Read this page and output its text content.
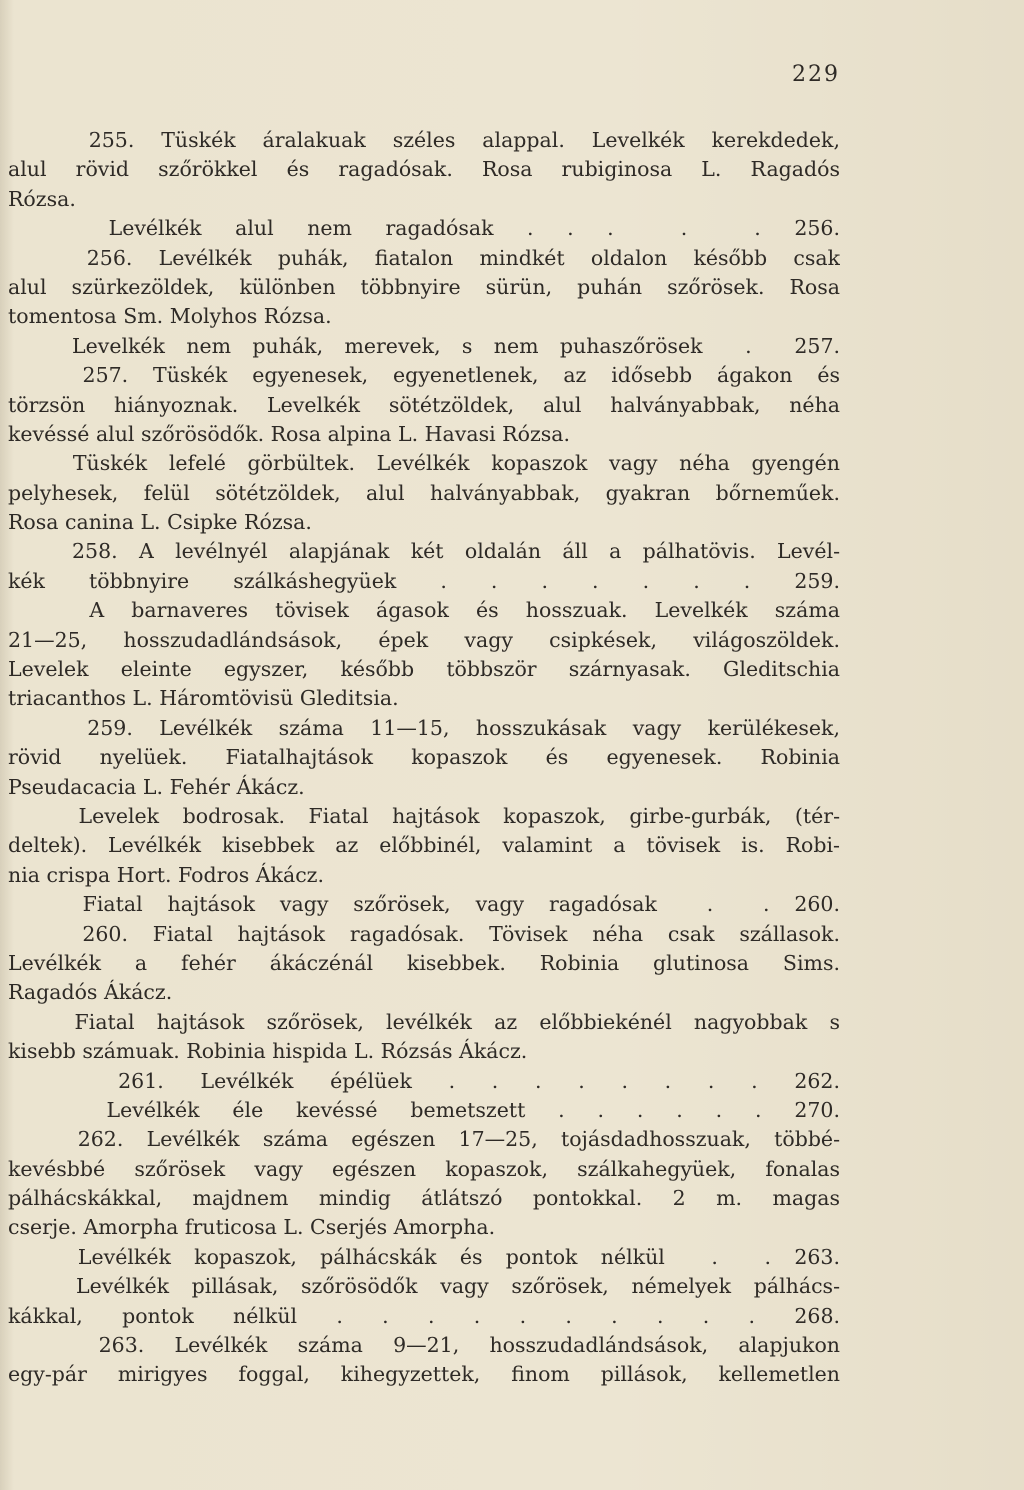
229
255. Tüskék áralakuak széles alappal. Levelkék kerekdedek,
alul rövid szőrökkel és ragadósak. Rosa rubiginosa L. Ragadós
Rózsa.
Levélkék alul nem ragadósak . . .  .  . 256.
256. Levélkék puhák, fiatalon mindkét oldalon később csak
alul szürkezöldek, különben többnyire sürün, puhán szőrösek. Rosa
tomentosa Sm. Molyhos Rózsa.
Levelkék nem puhák, merevek, s nem puhaszőrösek  .  257.
257. Tüskék egyenesek, egyenetlenek, az idősebb ágakon és
törzsön hiányoznak. Levelkék sötétzöldek, alul halványabbak, néha
kevéssé alul szőrösödők. Rosa alpina L. Havasi Rózsa.
Tüskék lefelé görbültek. Levélkék kopaszok vagy néha gyengén
pelyhesek, felül sötétzöldek, alul halványabbak, gyakran bőrneműek.
Rosa canina L. Csipke Rózsa.
258. A levélnyél alapjának két oldalán áll a pálhatövis. Levél-
kék többnyire szálkáshegyüek . . . . . . . 259.
A barnaveres tövisek ágasok és hosszuak. Levelkék száma
21—25, hosszudadlándsások, épek vagy csipkések, világoszöldek.
Levelek eleinte egyszer, később többször szárnyasak. Gleditschia
triacanthos L. Háromtövisü Gleditsia.
259. Levélkék száma 11—15, hosszukásak vagy kerülékesek,
rövid nyelüek. Fiatalhajtások kopaszok és egyenesek. Robinia
Pseudacacia L. Fehér Ákácz.
Levelek bodrosak. Fiatal hajtások kopaszok, girbe-gurbák, (tér-
deltek). Levélkék kisebbek az előbbinél, valamint a tövisek is. Robi-
nia crispa Hort. Fodros Ákácz.
Fiatal hajtások vagy szőrösek, vagy ragadósak  .  . 260.
260. Fiatal hajtások ragadósak. Tövisek néha csak szállasok.
Levélkék a fehér ákáczénál kisebbek. Robinia glutinosa Sims.
Ragadós Ákácz.
Fiatal hajtások szőrösek, levélkék az előbbiekénél nagyobbak s
kisebb számuak. Robinia hispida L. Rózsás Ákácz.
261. Levélkék épélüek . . . . . . . . 262.
Levélkék éle kevéssé bemetszett . . . . . . 270.
262. Levélkék száma egészen 17—25, tojásdadhosszuak, többé-
kevésbbé szőrösek vagy egészen kopaszok, szálkahegyüek, fonalas
pálhácskákkal, majdnem mindig átlátszó pontokkal. 2 m. magas
cserje. Amorpha fruticosa L. Cserjés Amorpha.
Levélkék kopaszok, pálhácskák és pontok nélkül  .  . 263.
Levélkék pillásak, szőrösödők vagy szőrösek, némelyek pálhács-
kákkal, pontok nélkül . . . . . . . . . . 268.
263. Levélkék száma 9—21, hosszudadlándsások, alapjukon
egy-pár mirigyes foggal, kihegyzettek, finom pillások, kellemetlen
